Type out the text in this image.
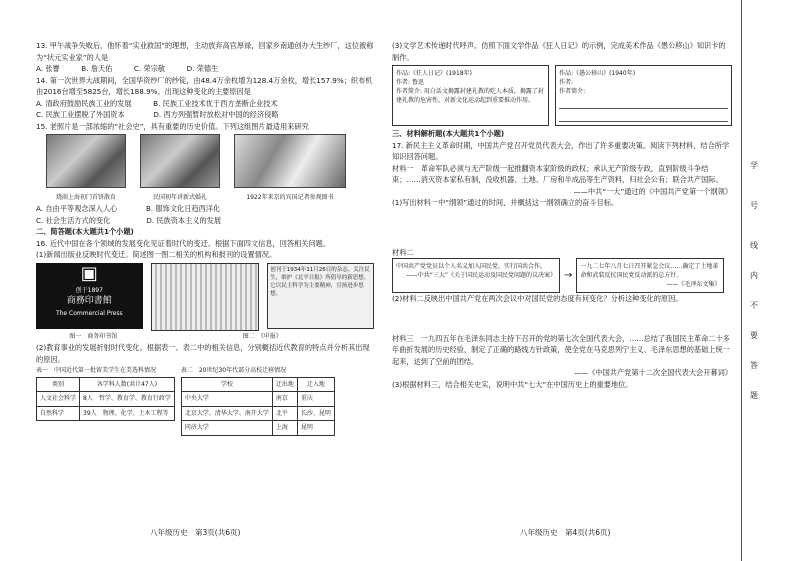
13. 甲午战争失败后，他怀着“实业救国”的理想，主动放弃高官厚禄，回家乡南通创办大生纱厂，这位被称为“状元实业家”的人是

A. 张謇　　　B. 詹天佑　　　C. 荣宗敬　　　D. 荣德生

14. 第一次世界大战期间，全国华资纱厂的纱锭，由48.4万余枚增为128.4万余枚，增长157.9%；织布机由2016台增至5825台，增长188.9%。出现这种变化的主要原因是

A. 清政府鼓励民族工业的发展　　　B. 民族工业技术优于西方垄断企业技术

C. 民族工业摆脱了外国资本　　　　D. 西方列强暂时放松对中国的经济侵略

15. 老照片是一部浓缩的“社会史”，具有重要的历史价值。下列这组图片最适用来研究

烧雨上海初门首饼散育	民国初年讲新式婚礼	1922年来京的宾国记者参观图书

A. 自由平等观念深入人心　　　　B. 服饰文化日趋西洋化

C. 社会生活方式的变化　　　　　D. 民族资本主义的发展

二、简答题(本大题共1个小题)

16. 近代中国在各个领域的发展变化见证着时代的变迁。根据下面四文信息，回答相关问题。

(1)新闻出版业反映时代变迁。简述图一图二相关的机构和报刊的设置情况。

▣
创于1897
商務印書館
The Commercial Press
创刊于1934年11月26日的杂志。关注民生，维护《北平日报》所倡导的新思想。它以民主科学为主要精神，宣扬进步思想。
图一　商务印书馆	图二　《申报》

(2)教育事业的发展折射时代变化。根据表一、表二中的相关信息，分别概括近代教育的特点并分析其出现的原因。

表一　中国近代第一批留美学生在美选科情况
类别	各学科人数(共计47人)
人文社会科学	8人　哲学、教育学、教育行政学
自然科学	39人　物理、化学、土木工程等
表二　20世纪30年代部分高校迁移情况
学校	迁出地	迁入地
中央大学	南京	重庆
北京大学、清华大学、南开大学	北平	长沙、昆明
同济大学	上海	昆明
八年级历史　第3页(共6页)

(3)文学艺术传递时代呼声。仿照下面文学作品《狂人日记》的示例，完成美术作品《愚公移山》知识卡的制作。

作品:《狂人日记》(1918年)
作者: 鲁迅
作者简介: 用白话文揭露封建礼教的吃人本质，揭露了封建礼教的危害性，对新文化运动起到重要推动作用。
作品:《愚公移山》(1940年)
作者:
作者简介:

三、材料解析题(本大题共1个小题)

17. 新民主主义革命时期，中国共产党召开党员代表大会，作出了许多重要决策。阅读下列材料，结合所学知识回答问题。

材料一　革命军队必须与无产阶级一起推翻资本家阶级的政权；承认无产阶级专政，直到阶级斗争结束；……消灭资本家私有制，没收机器、土地、厂房和半成品等生产资料，归社会公有；联合共产国际。

——中共“一大”通过的《中国共产党第一个纲领》

(1)写出材料一中“纲领”通过的时间，并概括这一纲领确立的奋斗目标。

材料二

中国共产党党员以个人名义加入国民党，实行国共合作。
——中共“三大”《关于国民运动及国民党问题的议决案》 →
一九二七年八月七日召开紧急会议……确定了土地革命和武装反抗国民党反动派的总方针。
——《毛泽东文集》

(2)材料二反映出中国共产党在两次会议中对国民党的态度有何变化？分析这种变化的原因。

材料三　一九四五年在毛泽东同志主持下召开的党的第七次全国代表大会，……总结了我国民主革命二十多年曲折发展的历史经验，制定了正确的路线方针政策，使全党在马克思列宁主义、毛泽东思想的基础上统一起来，达到了空前的团结。

——《中国共产党第十二次全国代表大会开幕词》

(3)根据材料三，结合相关史实，说明中共“七大”在中国历史上的重要地位。

八年级历史　第4页(共6页)
学
号
线
内
不
要
答
题
